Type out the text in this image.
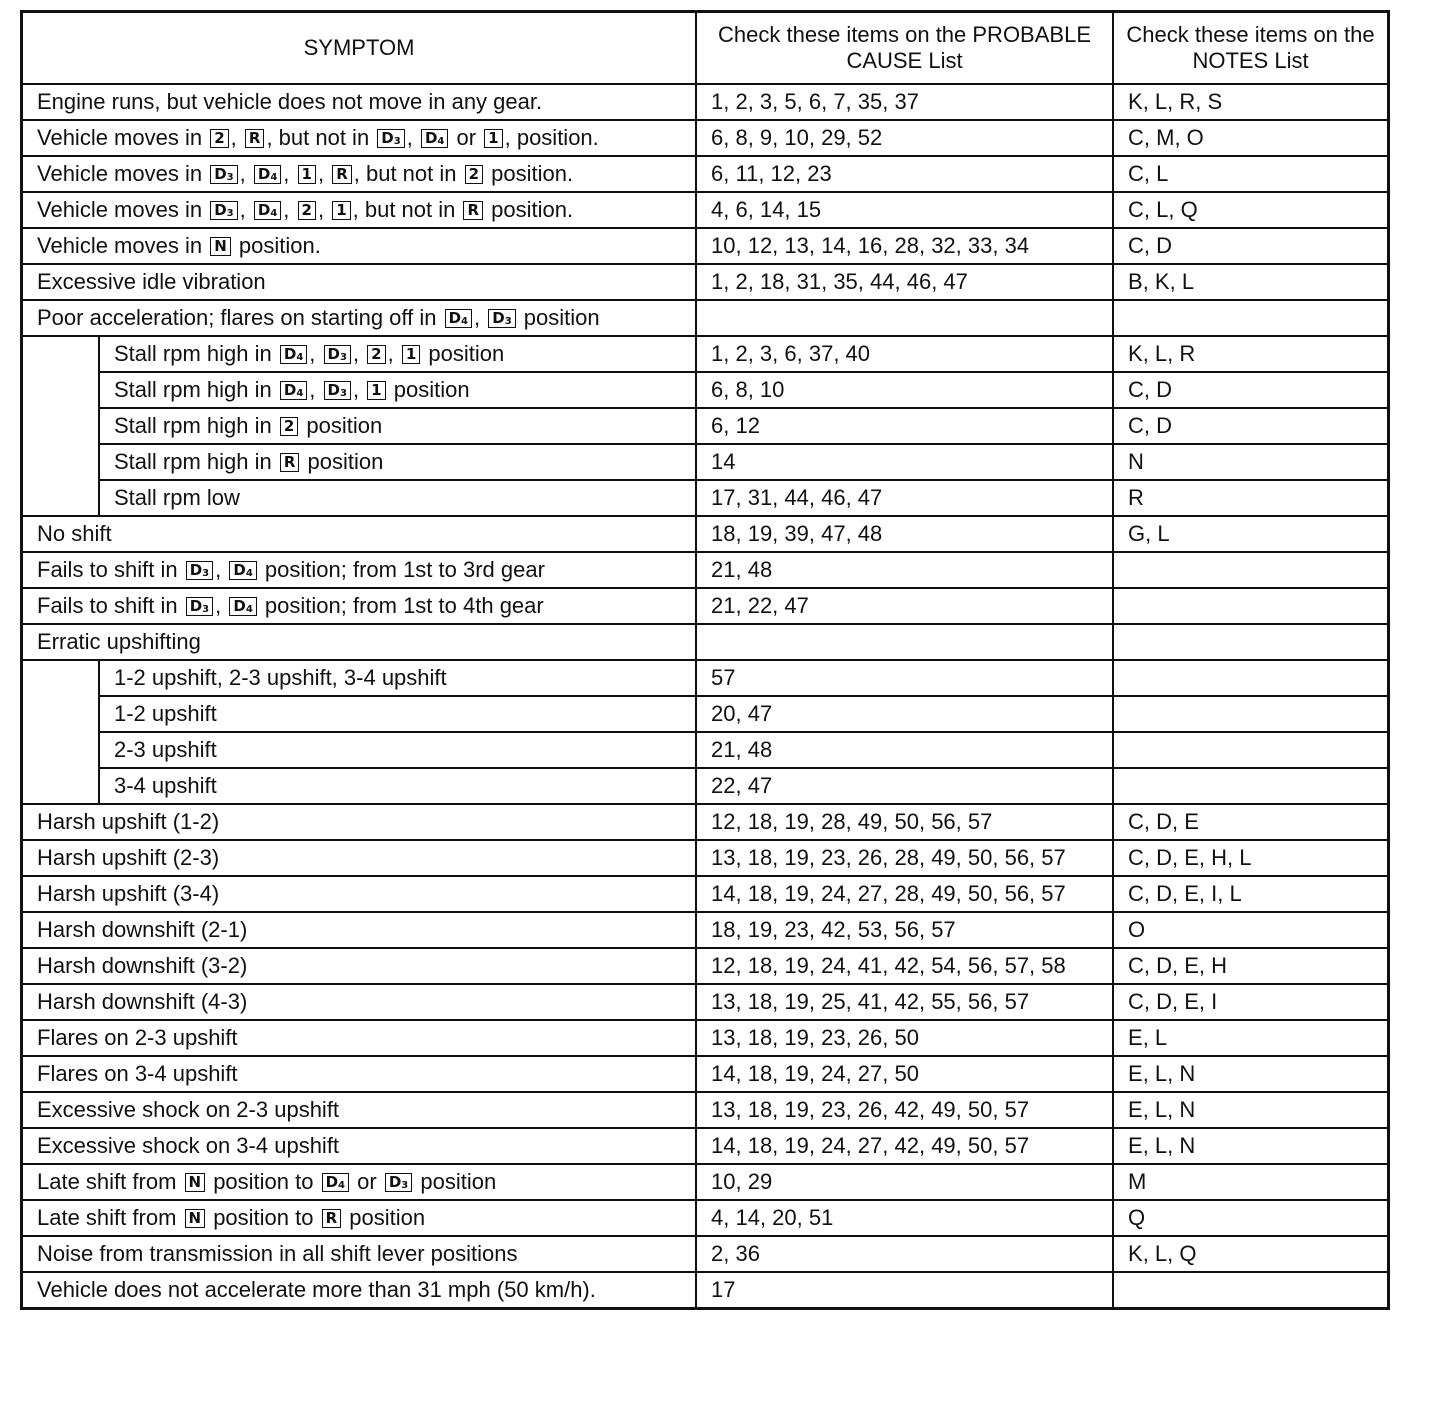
SYMPTOM		Check these items on the PROBABLE CAUSE List	Check these items on the NOTES List
Engine runs, but vehicle does not move in any gear.		1, 2, 3, 5, 6, 7, 35, 37	K, L, R, S
Vehicle moves in 2 , R , but not in $D_3$ , $D_4$ or 1 , position.		6, 8, 9, 10, 29, 52	C, M, O
Vehicle moves in $D_3$ , $D_4$ , 1 , R , but not in 2 position.		6, 11, 12, 23	C, L
Vehicle moves in $D_3$ , $D_4$ , 2 , 1 , but not in R position.		4, 6, 14, 15	C, L, Q
Vehicle moves in N position.		10, 12, 13, 14, 16, 28, 32, 33, 34	C, D
Excessive idle vibration		1, 2, 18, 31, 35, 44, 46, 47	B, K, L
Poor acceleration; flares on starting off in $D_4$ , $D_3$ position			
	Stall rpm high in $D_4$ , $D_3$ , 2 , 1 position	1, 2, 3, 6, 37, 40	K, L, R
	Stall rpm high in $D_4$ , $D_3$ , 1 position	6, 8, 10	C, D
	Stall rpm high in 2 position	6, 12	C, D
	Stall rpm high in R position	14	N
	Stall rpm low	17, 31, 44, 46, 47	R
No shift		18, 19, 39, 47, 48	G, L
Fails to shift in $D_3$ , $D_4$ position; from 1st to 3rd gear		21, 48	
Fails to shift in $D_3$ , $D_4$ position; from 1st to 4th gear		21, 22, 47	
Erratic upshifting			
	1-2 upshift, 2-3 upshift, 3-4 upshift	57	
	1-2 upshift	20, 47	
	2-3 upshift	21, 48	
	3-4 upshift	22, 47	
Harsh upshift (1-2)		12, 18, 19, 28, 49, 50, 56, 57	C, D, E
Harsh upshift (2-3)		13, 18, 19, 23, 26, 28, 49, 50, 56, 57	C, D, E, H, L
Harsh upshift (3-4)		14, 18, 19, 24, 27, 28, 49, 50, 56, 57	C, D, E, I, L
Harsh downshift (2-1)		18, 19, 23, 42, 53, 56, 57	O
Harsh downshift (3-2)		12, 18, 19, 24, 41, 42, 54, 56, 57, 58	C, D, E, H
Harsh downshift (4-3)		13, 18, 19, 25, 41, 42, 55, 56, 57	C, D, E, I
Flares on 2-3 upshift		13, 18, 19, 23, 26, 50	E, L
Flares on 3-4 upshift		14, 18, 19, 24, 27, 50	E, L, N
Excessive shock on 2-3 upshift		13, 18, 19, 23, 26, 42, 49, 50, 57	E, L, N
Excessive shock on 3-4 upshift		14, 18, 19, 24, 27, 42, 49, 50, 57	E, L, N
Late shift from N position to $D_4$ or $D_3$ position		10, 29	M
Late shift from N position to R position		4, 14, 20, 51	Q
Noise from transmission in all shift lever positions		2, 36	K, L, Q
Vehicle does not accelerate more than 31 mph (50 km/h).		17	
